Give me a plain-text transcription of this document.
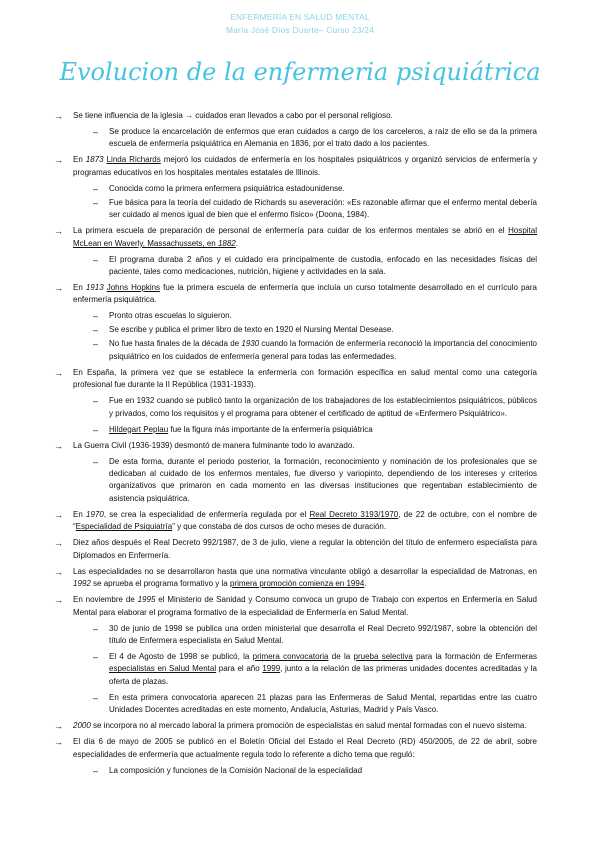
ENFERMERÍA EN SALUD MENTAL
María José Díos Duarte– Curso 23/24
Evolucion de la enfermeria psiquiátrica
→ Se tiene influencia de la iglesia → cuidados eran llevados a cabo por el personal religioso.
– Se produce la encarcelación de enfermos que eran cuidados a cargo de los carceleros, a raíz de ello se da la primera escuela de enfermería psiquiátrica en Alemania en 1836, por el trato dado a los pacientes.
→ En 1873 Linda Richards mejoró los cuidados de enfermería en los hospitales psiquiátricos y organizó servicios de enfermería y programas educativos en los hospitales mentales estatales de Illinois.
– Conocida como la primera enfermera psiquiátrica estadounidense.
– Fue básica para la teoría del cuidado de Richards su aseveración: «Es razonable afirmar que el enfermo mental debería ser cuidado al menos igual de bien que el enfermo físico» (Doona, 1984).
→ La primera escuela de preparación de personal de enfermería para cuidar de los enfermos mentales se abrió en el Hospital McLean en Waverly, Massachussets, en 1882.
– El programa duraba 2 años y el cuidado era principalmente de custodia, enfocado en las necesidades físicas del paciente, tales como medicaciones, nutrición, higiene y actividades en la sala.
→ En 1913 Johns Hopkins fue la primera escuela de enfermería que incluía un curso totalmente desarrollado en el currículo para enfermería psiquiátrica.
– Pronto otras escuelas lo siguieron.
– Se escribe y publica el primer libro de texto en 1920 el Nursing Mental Desease.
– No fue hasta finales de la década de 1930 cuando la formación de enfermería reconoció la importancia del conocimiento psiquiátrico en los cuidados de enfermería general para todas las enfermedades.
→ En España, la primera vez que se establece la enfermería con formación específica en salud mental como una categoría profesional fue durante la II República (1931-1933).
– Fue en 1932 cuando se publicó tanto la organización de los trabajadores de los establecimientos psiquiátricos, públicos y privados, como los requisitos y el programa para obtener el certificado de aptitud de «Enfermero Psiquiátrico».
– Hildegart Peplau fue la figura más importante de la enfermería psiquiátrica
→ La Guerra Civil (1936-1939) desmontó de manera fulminante todo lo avanzado.
– De esta forma, durante el periodo posterior, la formación, reconocimiento y nominación de los profesionales que se dedicaban al cuidado de los enfermos mentales, fue diverso y variopinto, dependiendo de los intereses y criterios organizativos que primaron en cada momento en las diversas instituciones que regentaban establecimiento de asistencia psiquiátrica.
→ En 1970, se crea la especialidad de enfermería regulada por el Real Decreto 3193/1970, de 22 de octubre, con el nombre de “Especialidad de Psiquiatría” y que constaba de dos cursos de ocho meses de duración.
→ Diez años después el Real Decreto 992/1987, de 3 de julio, viene a regular la obtención del título de enfermero especialista para Diplomados en Enfermería.
→ Las especialidades no se desarrollaron hasta que una normativa vinculante obligó a desarrollar la especialidad de Matronas, en 1992 se aprueba el programa formativo y la primera promoción comienza en 1994.
→ En noviembre de 1995 el Ministerio de Sanidad y Consumo convoca un grupo de Trabajo con expertos en Enfermería en Salud Mental para elaborar el programa formativo de la especialidad de Enfermería en Salud Mental.
– 30 de junio de 1998 se publica una orden ministerial que desarrolla el Real Decreto 992/1987, sobre la obtención del título de Enfermera especialista en Salud Mental.
– El 4 de Agosto de 1998 se publicó, la primera convocatoria de la prueba selectiva para la formación de Enfermeras especialistas en Salud Mental para el año 1999, junto a la relación de las primeras unidades docentes acreditadas y la oferta de plazas.
– En esta primera convocatoria aparecen 21 plazas para las Enfermeras de Salud Mental, repartidas entre las cuatro Unidades Docentes acreditadas en este momento, Andalucía, Asturias, Madrid y País Vasco.
→ 2000 se incorpora no al mercado laboral la primera promoción de especialistas en salud mental formadas con el nuevo sistema.
→ El día 6 de mayo de 2005 se publicó en el Boletín Oficial del Estado el Real Decreto (RD) 450/2005, de 22 de abril, sobre especialidades de enfermería que actualmente regula todo lo referente a dicho tema que reguló:
– La composición y funciones de la Comisión Nacional de la especialidad
